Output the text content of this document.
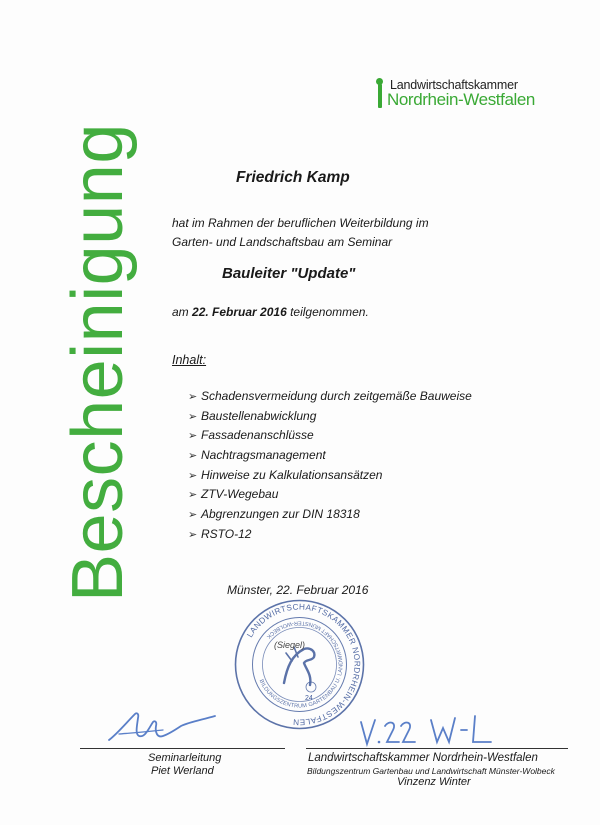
Landwirtschaftskammer
Nordrhein-Westfalen
Bescheinigung	Friedrich Kamp
hat im Rahmen der beruflichen Weiterbildung im
Garten- und Landschaftsbau am Seminar
Bauleiter "Update"
am 22. Februar 2016 teilgenommen.
Inhalt:
➢ Schadensvermeidung durch zeitgemäße Bauweise
➢ Baustellenabwicklung
➢ Fassadenanschlüsse
➢ Nachtragsmanagement
➢ Hinweise zu Kalkulationsansätzen
➢ ZTV-Wegebau
➢ Abgrenzungen zur DIN 18318
➢ RSTO-12
Münster, 22. Februar 2016
LANDWIRTSCHAFTSKAMMER NORDRHEIN-WESTFALEN
BILDUNGSZENTRUM GARTENBAU U. LANDWIRTSCHAFT MÜNSTER-WOLBECK
24
(Siegel)
Seminarleitung
Piet Werland
Landwirtschaftskammer Nordrhein-Westfalen
Bildungszentrum Gartenbau und Landwirtschaft Münster-Wolbeck
Vinzenz Winter
